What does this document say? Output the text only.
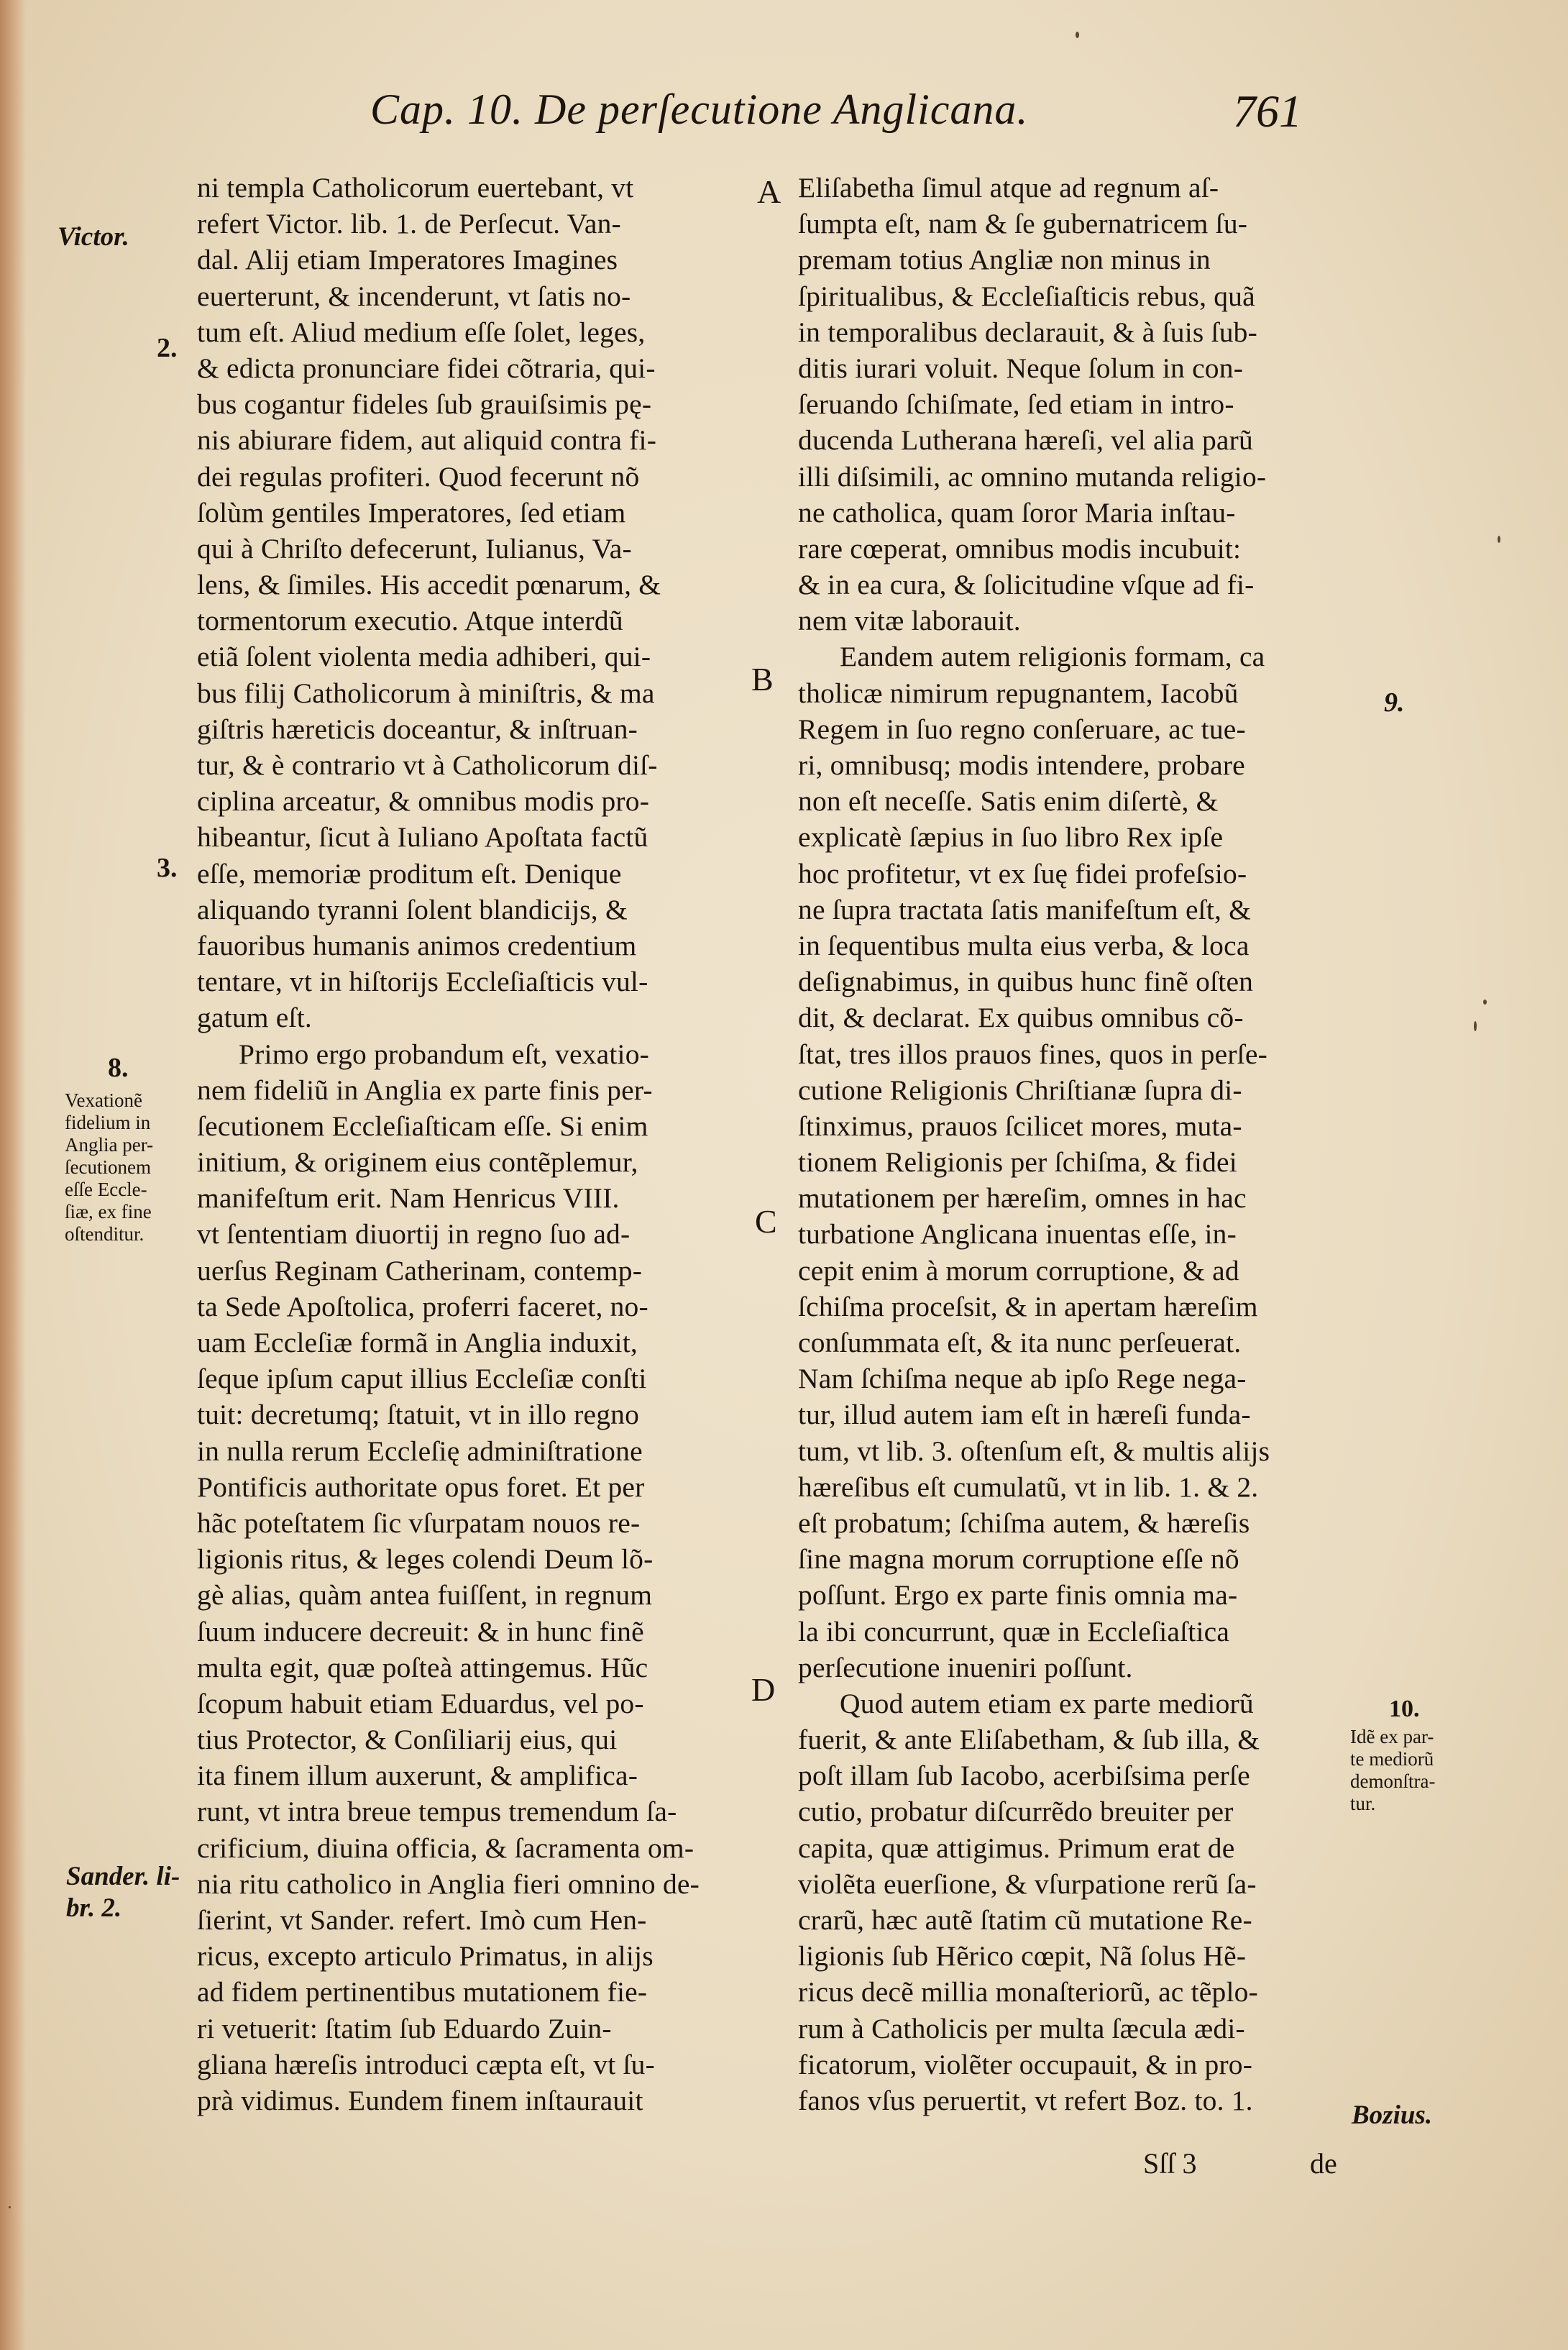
Cap. 10. De perſecutione Anglicana.	761
ni templa Catholicorum euertebant, vt
refert Victor. lib. 1. de Perſecut. Van-
dal. Alij etiam Imperatores Imagines
euerterunt, & incenderunt, vt ſatis no-
tum eſt. Aliud medium eſſe ſolet, leges,
& edicta pronunciare fidei cõtraria, qui-
bus cogantur fideles ſub grauiſsimis pę-
nis abiurare fidem, aut aliquid contra fi-
dei regulas profiteri. Quod fecerunt nõ
ſolùm gentiles Imperatores, ſed etiam
qui à Chriſto defecerunt, Iulianus, Va-
lens, & ſimiles. His accedit pœnarum, &
tormentorum executio. Atque interdũ
etiã ſolent violenta media adhiberi, qui-
bus filij Catholicorum à miniſtris, & ma
giſtris hæreticis doceantur, & inſtruan-
tur, & è contrario vt à Catholicorum diſ-
ciplina arceatur, & omnibus modis pro-
hibeantur, ſicut à Iuliano Apoſtata factũ
eſſe, memoriæ proditum eſt. Denique
aliquando tyranni ſolent blandicijs, &
fauoribus humanis animos credentium
tentare, vt in hiſtorijs Eccleſiaſticis vul-
gatum eſt.
Primo ergo probandum eſt, vexatio-
nem fideliũ in Anglia ex parte finis per-
ſecutionem Eccleſiaſticam eſſe. Si enim
initium, & originem eius contẽplemur,
manifeſtum erit. Nam Henricus VIII.
vt ſententiam diuortij in regno ſuo ad-
uerſus Reginam Catherinam, contemp-
ta Sede Apoſtolica, proferri faceret, no-
uam Eccleſiæ formã in Anglia induxit,
ſeque ipſum caput illius Eccleſiæ conſti
tuit: decretumq; ſtatuit, vt in illo regno
in nulla rerum Eccleſię adminiſtratione
Pontificis authoritate opus foret. Et per
hãc poteſtatem ſic vſurpatam nouos re-
ligionis ritus, & leges colendi Deum lõ-
gè alias, quàm antea fuiſſent, in regnum
ſuum inducere decreuit: & in hunc finẽ
multa egit, quæ poſteà attingemus. Hũc
ſcopum habuit etiam Eduardus, vel po-
tius Protector, & Conſiliarij eius, qui
ita finem illum auxerunt, & amplifica-
runt, vt intra breue tempus tremendum ſa-
crificium, diuina officia, & ſacramenta om-
nia ritu catholico in Anglia fieri omnino de-
ſierint, vt Sander. refert. Imò cum Hen-
ricus, excepto articulo Primatus, in alijs
ad fidem pertinentibus mutationem fie-
ri vetuerit: ſtatim ſub Eduardo Zuin-
gliana hæreſis introduci cæpta eſt, vt ſu-
prà vidimus. Eundem finem inſtaurauit
Eliſabetha ſimul atque ad regnum aſ-
ſumpta eſt, nam & ſe gubernatricem ſu-
premam totius Angliæ non minus in
ſpiritualibus, & Eccleſiaſticis rebus, quã
in temporalibus declarauit, & à ſuis ſub-
ditis iurari voluit. Neque ſolum in con-
ſeruando ſchiſmate, ſed etiam in intro-
ducenda Lutherana hæreſi, vel alia parũ
illi diſsimili, ac omnino mutanda religio-
ne catholica, quam ſoror Maria inſtau-
rare cœperat, omnibus modis incubuit:
& in ea cura, & ſolicitudine vſque ad fi-
nem vitæ laborauit.
Eandem autem religionis formam, ca
tholicæ nimirum repugnantem, Iacobũ
Regem in ſuo regno conſeruare, ac tue-
ri, omnibusq; modis intendere, probare
non eſt neceſſe. Satis enim diſertè, &
explicatè ſæpius in ſuo libro Rex ipſe
hoc profitetur, vt ex ſuę fidei profeſsio-
ne ſupra tractata ſatis manifeſtum eſt, &
in ſequentibus multa eius verba, & loca
deſignabimus, in quibus hunc finẽ oſten
dit, & declarat. Ex quibus omnibus cõ-
ſtat, tres illos prauos fines, quos in perſe-
cutione Religionis Chriſtianæ ſupra di-
ſtinximus, prauos ſcilicet mores, muta-
tionem Religionis per ſchiſma, & fidei
mutationem per hæreſim, omnes in hac
turbatione Anglicana inuentas eſſe, in-
cepit enim à morum corruptione, & ad
ſchiſma proceſsit, & in apertam hæreſim
conſummata eſt, & ita nunc perſeuerat.
Nam ſchiſma neque ab ipſo Rege nega-
tur, illud autem iam eſt in hæreſi funda-
tum, vt lib. 3. oſtenſum eſt, & multis alijs
hæreſibus eſt cumulatũ, vt in lib. 1. & 2.
eſt probatum; ſchiſma autem, & hæreſis
ſine magna morum corruptione eſſe nõ
poſſunt. Ergo ex parte finis omnia ma-
la ibi concurrunt, quæ in Eccleſiaſtica
perſecutione inueniri poſſunt.
Quod autem etiam ex parte mediorũ
fuerit, & ante Eliſabetham, & ſub illa, &
poſt illam ſub Iacobo, acerbiſsima perſe
cutio, probatur diſcurrẽdo breuiter per
capita, quæ attigimus. Primum erat de
violẽta euerſione, & vſurpatione rerũ ſa-
crarũ, hæc autẽ ſtatim cũ mutatione Re-
ligionis ſub Hẽrico cœpit, Nã ſolus Hẽ-
ricus decẽ millia monaſteriorũ, ac tẽplo-
rum à Catholicis per multa ſæcula ædi-
ficatorum, violẽter occupauit, & in pro-
fanos vſus peruertit, vt refert Boz. to. 1.
A
B
C
D
Victor.
2.
3.
8.
Vexationẽ
fidelium in
Anglia per-
ſecutionem
eſſe Eccle-
ſiæ, ex fine
oſtenditur.
Sander. li-
br. 2.
9.
10.
Idẽ ex par-
te mediorũ
demonſtra-
tur.
Bozius.
Sſſ 3	de
